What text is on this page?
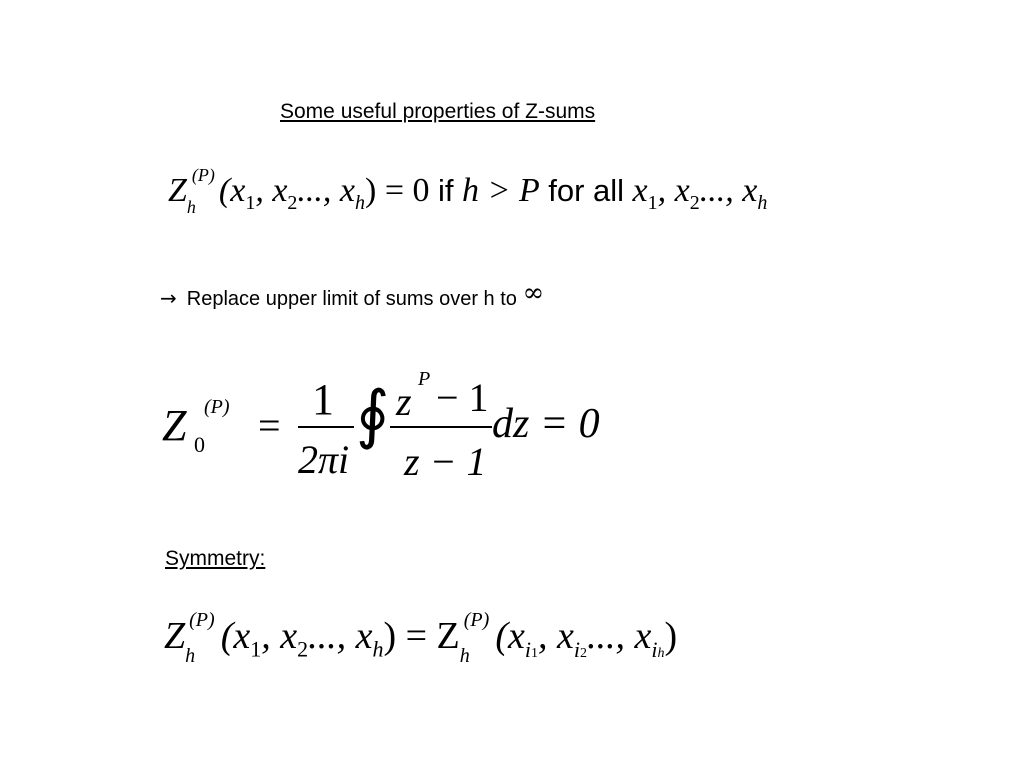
Some useful properties of Z-sums
Zh(P) ($x_1$, $x_2$..., $x_h) = 0$ if h > P for all $x_1$, $x_2$..., $x_h$
→ Replace upper limit of sums over h to ∞
Z 0
(P) =
1
2πi
∮ z P − 1
z − 1
dz = 0
Symmetry:
Zh(P) ($x_1$, $x_2$..., $x_h) = Zh(P)$ ($x_{i1}$, $x_{i2}$..., $x_{ih}$)
